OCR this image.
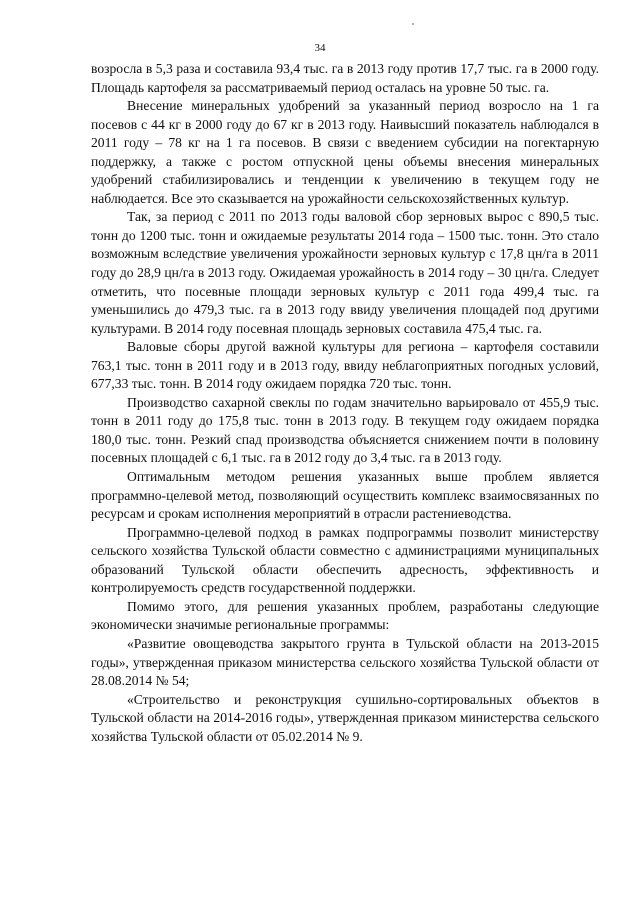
34

возросла в 5,3 раза и составила 93,4 тыс. га в 2013 году против 17,7 тыс. га в 2000 году. Площадь картофеля за рассматриваемый период осталась на уровне 50 тыс. га.

Внесение минеральных удобрений за указанный период возросло на 1 га посевов с 44 кг в 2000 году до 67 кг в 2013 году. Наивысший показатель наблюдался в 2011 году – 78 кг на 1 га посевов. В связи с введением субсидии на погектарную поддержку, а также с ростом отпускной цены объемы внесения минеральных удобрений стабилизировались и тенденции к увеличению в текущем году не наблюдается. Все это сказывается на урожайности сельскохозяйственных культур.

Так, за период с 2011 по 2013 годы валовой сбор зерновых вырос с 890,5 тыс. тонн до 1200 тыс. тонн и ожидаемые результаты 2014 года – 1500 тыс. тонн. Это стало возможным вследствие увеличения урожайности зерновых культур с 17,8 цн/га в 2011 году до 28,9 цн/га в 2013 году. Ожидаемая урожайность в 2014 году – 30 цн/га. Следует отметить, что посевные площади зерновых культур с 2011 года 499,4 тыс. га уменьшились до 479,3 тыс. га в 2013 году ввиду увеличения площадей под другими культурами. В 2014 году посевная площадь зерновых составила 475,4 тыс. га.

Валовые сборы другой важной культуры для региона – картофеля составили 763,1 тыс. тонн в 2011 году и в 2013 году, ввиду неблагоприятных погодных условий, 677,33 тыс. тонн. В 2014 году ожидаем порядка 720 тыс. тонн.

Производство сахарной свеклы по годам значительно варьировало от 455,9 тыс. тонн в 2011 году до 175,8 тыс. тонн в 2013 году. В текущем году ожидаем порядка 180,0 тыс. тонн. Резкий спад производства объясняется снижением почти в половину посевных площадей с 6,1 тыс. га в 2012 году до 3,4 тыс. га в 2013 году.

Оптимальным методом решения указанных выше проблем является программно-целевой метод, позволяющий осуществить комплекс взаимосвязанных по ресурсам и срокам исполнения мероприятий в отрасли растениеводства.

Программно-целевой подход в рамках подпрограммы позволит министерству сельского хозяйства Тульской области совместно с администрациями муниципальных образований Тульской области обеспечить адресность, эффективность и контролируемость средств государственной поддержки.

Помимо этого, для решения указанных проблем, разработаны следующие экономически значимые региональные программы:

«Развитие овощеводства закрытого грунта в Тульской области на 2013-2015 годы», утвержденная приказом министерства сельского хозяйства Тульской области от 28.08.2014 № 54;

«Строительство и реконструкция сушильно-сортировальных объектов в Тульской области на 2014-2016 годы», утвержденная приказом министерства сельского хозяйства Тульской области от 05.02.2014 № 9.
